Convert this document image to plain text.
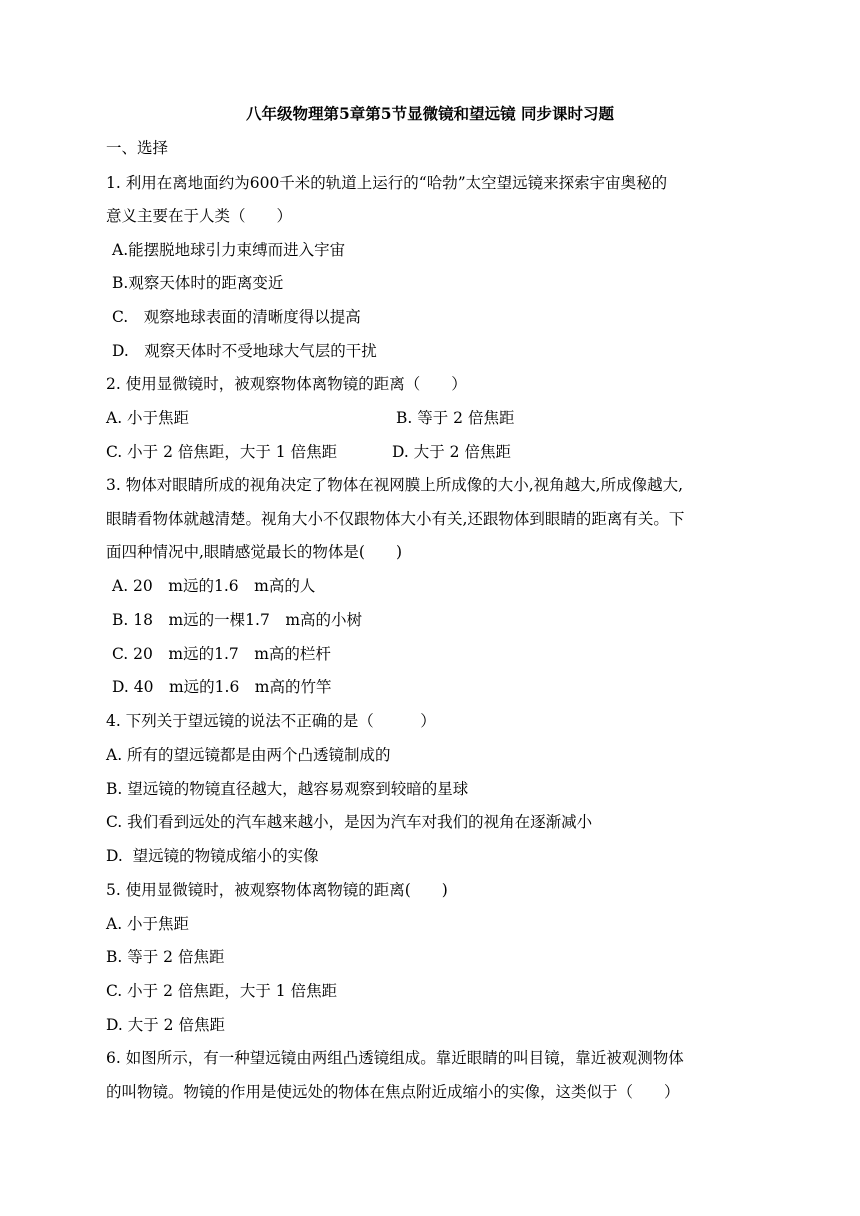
八年级物理第5章第5节显微镜和望远镜 同步课时习题
一、选择
1. 利用在离地面约为600千米的轨道上运行的“哈勃”太空望远镜来探索宇宙奥秘的
意义主要在于人类（　　）
A.能摆脱地球引力束缚而进入宇宙
B.观察天体时的距离变近
C.　观察地球表面的清晰度得以提高
D.　观察天体时不受地球大气层的干扰
2. 使用显微镜时，被观察物体离物镜的距离（　　）
A. 小于焦距	B. 等于 2 倍焦距
C. 小于 2 倍焦距，大于 1 倍焦距	D. 大于 2 倍焦距
3. 物体对眼睛所成的视角决定了物体在视网膜上所成像的大小,视角越大,所成像越大,
眼睛看物体就越清楚。视角大小不仅跟物体大小有关,还跟物体到眼睛的距离有关。下
面四种情况中,眼睛感觉最长的物体是(　　)
A. 20　m远的1.6　m高的人
B. 18　m远的一棵1.7　m高的小树
C. 20　m远的1.7　m高的栏杆
D. 40　m远的1.6　m高的竹竿
4. 下列关于望远镜的说法不正确的是（　　　）
A. 所有的望远镜都是由两个凸透镜制成的
B. 望远镜的物镜直径越大，越容易观察到较暗的星球
C. 我们看到远处的汽车越来越小，是因为汽车对我们的视角在逐渐减小
D.  望远镜的物镜成缩小的实像
5. 使用显微镜时，被观察物体离物镜的距离(　　)
A. 小于焦距
B. 等于 2 倍焦距
C. 小于 2 倍焦距，大于 1 倍焦距
D. 大于 2 倍焦距
6. 如图所示，有一种望远镜由两组凸透镜组成。靠近眼睛的叫目镜，靠近被观测物体
的叫物镜。物镜的作用是使远处的物体在焦点附近成缩小的实像，这类似于（　　）
